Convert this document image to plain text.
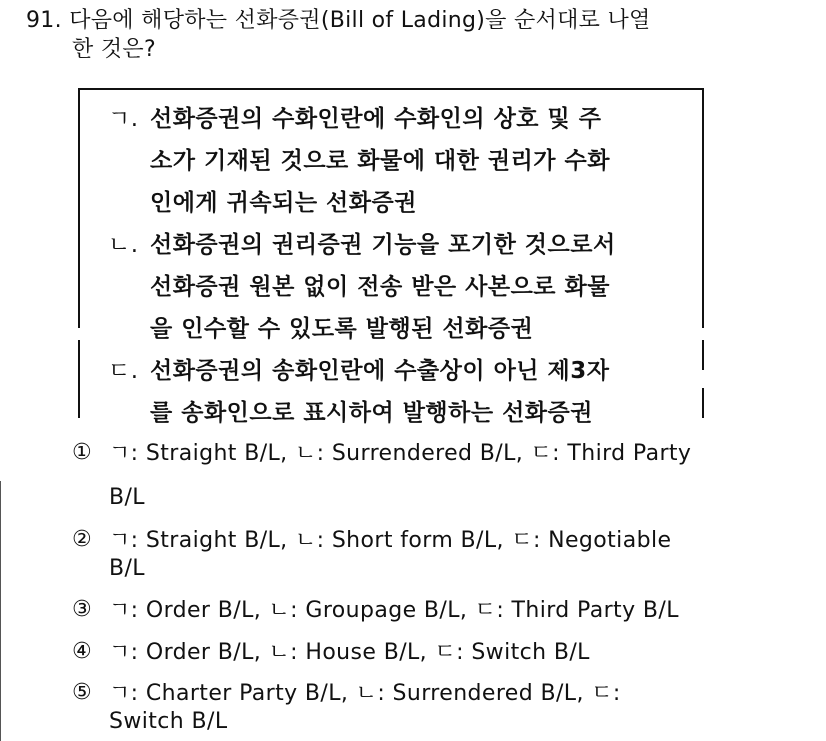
91. 다음에 해당하는 선화증권(Bill of Lading)을 순서대로 나열
한 것은?
ㄱ. 선화증권의 수화인란에 수화인의 상호 및 주
소가 기재된 것으로 화물에 대한 권리가 수화
인에게 귀속되는 선화증권
ㄴ. 선화증권의 권리증권 기능을 포기한 것으로서
선화증권 원본 없이 전송 받은 사본으로 화물
을 인수할 수 있도록 발행된 선화증권
ㄷ. 선화증권의 송화인란에 수출상이 아닌 제3자
를 송화인으로 표시하여 발행하는 선화증권
① ㄱ: Straight B/L, ㄴ: Surrendered B/L, ㄷ: Third Party
B/L
② ㄱ: Straight B/L, ㄴ: Short form B/L, ㄷ: Negotiable
B/L
③ ㄱ: Order B/L, ㄴ: Groupage B/L, ㄷ: Third Party B/L
④ ㄱ: Order B/L, ㄴ: House B/L, ㄷ: Switch B/L
⑤ ㄱ: Charter Party B/L, ㄴ: Surrendered B/L, ㄷ:
Switch B/L
